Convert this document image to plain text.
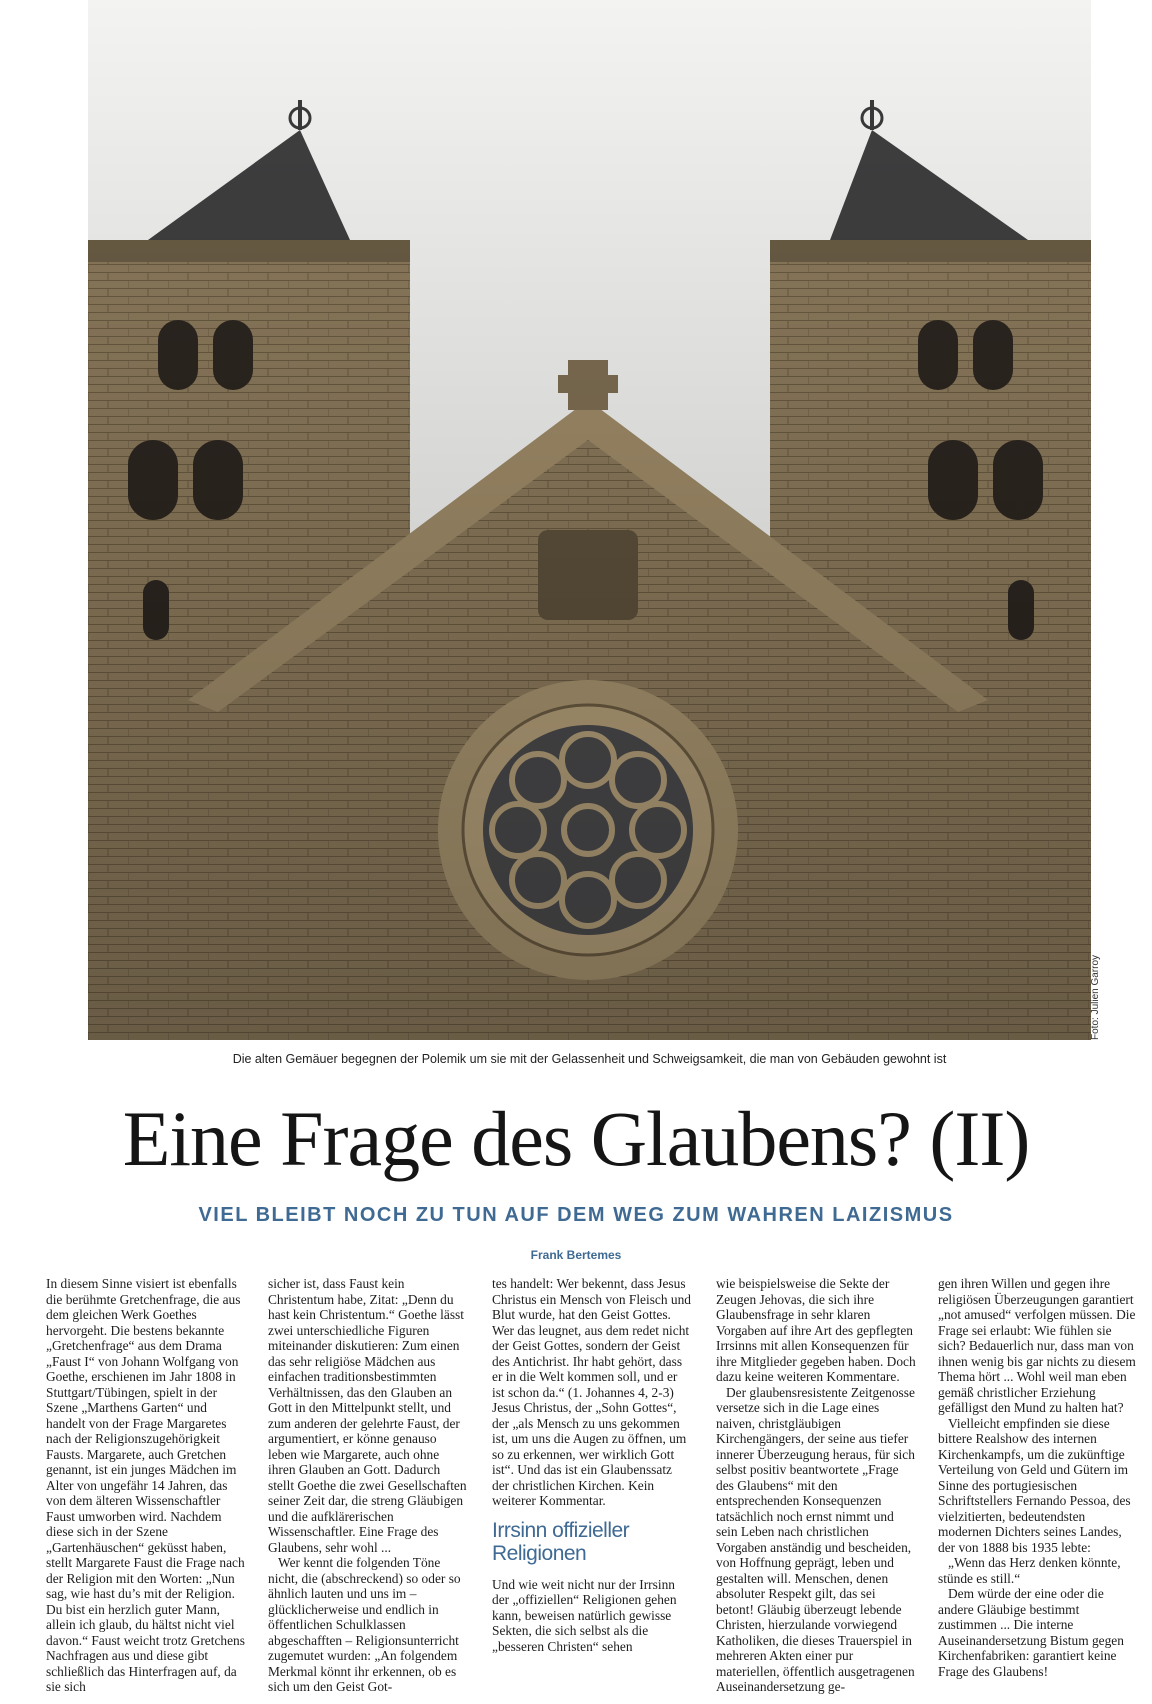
Foto: Julien Garroy
Die alten Gemäuer begegnen der Polemik um sie mit der Gelassenheit und Schweigsamkeit, die man von Gebäuden gewohnt ist
Eine Frage des Glaubens? (II)
VIEL BLEIBT NOCH ZU TUN AUF DEM WEG ZUM WAHREN LAIZISMUS
Frank Bertemes

In diesem Sinne visiert ist ebenfalls die berühmte Gretchenfrage, die aus dem gleichen Werk Goethes hervorgeht. Die bestens bekannte „Gretchenfrage“ aus dem Drama „Faust I“ von Johann Wolfgang von Goethe, erschienen im Jahr 1808 in Stuttgart/Tübingen, spielt in der Szene „Marthens Garten“ und handelt von der Frage Margaretes nach der Religionszugehörigkeit Fausts. Margarete, auch Gretchen genannt, ist ein junges Mädchen im Alter von ungefähr 14 Jahren, das von dem älteren Wissenschaftler Faust umworben wird. Nachdem diese sich in der Szene „Gartenhäuschen“ geküsst haben, stellt Margarete Faust die Frage nach der Religion mit den Worten: „Nun sag, wie hast du’s mit der Religion. Du bist ein herzlich guter Mann, allein ich glaub, du hältst nicht viel davon.“ Faust weicht trotz Gretchens Nachfragen aus und diese gibt schließlich das Hinterfragen auf, da sie sich

sicher ist, dass Faust kein Christentum habe, Zitat: „Denn du hast kein Christentum.“ Goethe lässt zwei unterschiedliche Figuren miteinander diskutieren: Zum einen das sehr religiöse Mädchen aus einfachen traditionsbestimmten Verhältnissen, das den Glauben an Gott in den Mittelpunkt stellt, und zum anderen der gelehrte Faust, der argumentiert, er könne genauso leben wie Margarete, auch ohne ihren Glauben an Gott. Dadurch stellt Goethe die zwei Gesellschaften seiner Zeit dar, die streng Gläubigen und die aufklärerischen Wissenschaftler. Eine Frage des Glaubens, sehr wohl ...

Wer kennt die folgenden Töne nicht, die (abschreckend) so oder so ähnlich lauten und uns im – glücklicherweise und endlich in öffentlichen Schulklassen abgeschafften – Religionsunterricht zugemutet wurden: „An folgendem Merkmal könnt ihr erkennen, ob es sich um den Geist Got-

tes handelt: Wer bekennt, dass Jesus Christus ein Mensch von Fleisch und Blut wurde, hat den Geist Gottes. Wer das leugnet, aus dem redet nicht der Geist Gottes, sondern der Geist des Antichrist. Ihr habt gehört, dass er in die Welt kommen soll, und er ist schon da.“ (1. Johannes 4, 2-3) Jesus Christus, der „Sohn Gottes“, der „als Mensch zu uns gekommen ist, um uns die Augen zu öffnen, um so zu erkennen, wer wirklich Gott ist“. Und das ist ein Glaubenssatz der christlichen Kirchen. Kein weiterer Kommentar.

Irrsinn offizieller Religionen

Und wie weit nicht nur der Irrsinn der „offiziellen“ Religionen gehen kann, beweisen natürlich gewisse Sekten, die sich selbst als die „besseren Christen“ sehen

wie beispielsweise die Sekte der Zeugen Jehovas, die sich ihre Glaubensfrage in sehr klaren Vorgaben auf ihre Art des gepflegten Irrsinns mit allen Konsequenzen für ihre Mitglieder gegeben haben. Doch dazu keine weiteren Kommentare.

Der glaubensresistente Zeitgenosse versetze sich in die Lage eines naiven, christgläubigen Kirchengängers, der seine aus tiefer innerer Überzeugung heraus, für sich selbst positiv beantwortete „Frage des Glaubens“ mit den entsprechenden Konsequenzen tatsächlich noch ernst nimmt und sein Leben nach christlichen Vorgaben anständig und bescheiden, von Hoffnung geprägt, leben und gestalten will. Menschen, denen absoluter Respekt gilt, das sei betont! Gläubig überzeugt lebende Christen, hierzulande vorwiegend Katholiken, die dieses Trauerspiel in mehreren Akten einer pur materiellen, öffentlich ausgetragenen Auseinandersetzung ge-

gen ihren Willen und gegen ihre religiösen Überzeugungen garantiert „not amused“ verfolgen müssen. Die Frage sei erlaubt: Wie fühlen sie sich? Bedauerlich nur, dass man von ihnen wenig bis gar nichts zu diesem Thema hört ... Wohl weil man eben gemäß christlicher Erziehung gefälligst den Mund zu halten hat?

Vielleicht empfinden sie diese bittere Realshow des internen Kirchenkampfs, um die zukünftige Verteilung von Geld und Gütern im Sinne des portugiesischen Schriftstellers Fernando Pessoa, des vielzitierten, bedeutendsten modernen Dichters seines Landes, der von 1888 bis 1935 lebte:

„Wenn das Herz denken könnte, stünde es still.“

Dem würde der eine oder die andere Gläubige bestimmt zustimmen ... Die interne Auseinandersetzung Bistum gegen Kirchenfabriken: garantiert keine Frage des Glaubens!
